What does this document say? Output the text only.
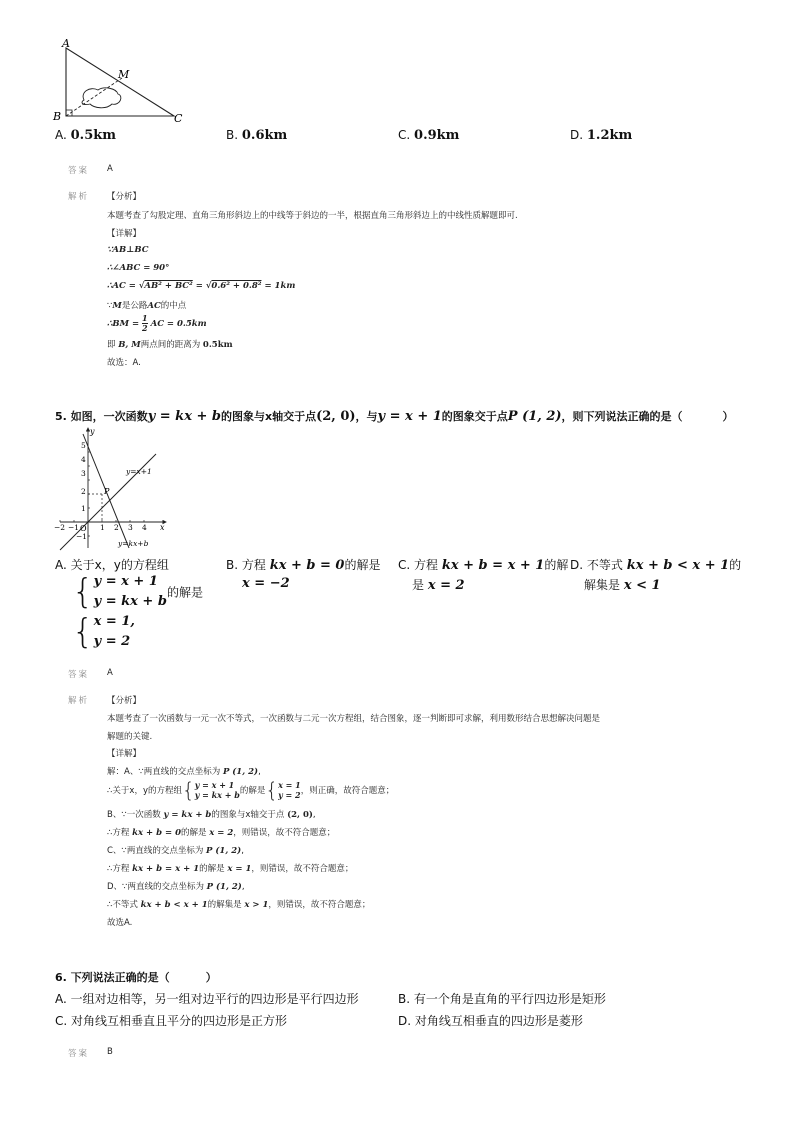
A
B	C
M
A. 0.5km	B. 0.6km	C. 0.9km	D. 1.2km
答案 A
解析 【分析】
本题考查了勾股定理、直角三角形斜边上的中线等于斜边的一半，根据直角三角形斜边上的中线性质解题即可.
【详解】
∵AB⊥BC
∴∠ABC = 90°
∴AC = √AB² + BC² = √0.6² + 0.8² = 1km
∵M是公路AC的中点
∴BM = $\frac{1}{2}$ AC = 0.5km
即 B, M两点间的距离为 0.5km
故选：A.
5. 如图，一次函数y = kx + b的图象与x轴交于点(2, 0)，与y = x + 1的图象交于点P (1, 2)，则下列说法正确的是（	）
y
x
O
P
y=x+1
y=kx+b
−2 −1	1 2 3 4
5
4
3
2
1
−1
A. 关于x，y的方程组
{ y = x + 1
y = kx + b
的解是
{ x = 1,
y = 2
B. 方程 kx + b = 0的解是
x = −2
C. 方程 kx + b = x + 1的解
是 x = 2
D. 不等式 kx + b < x + 1的
解集是 x < 1
答案 A
解析 【分析】
本题考查了一次函数与一元一次不等式，一次函数与二元一次方程组，结合图象，逐一判断即可求解，利用数形结合思想解决问题是
解题的关键.
【详解】
解：A、∵两直线的交点坐标为 P (1, 2),
∴关于x，y的方程组{ y = x + 1
y = kx + b 的解是{ x = 1
y = 2 ，则正确，故符合题意；
B、∵一次函数 y = kx + b的图象与x轴交于点 (2, 0),
∴方程 kx + b = 0的解是 x = 2，则错误，故不符合题意；
C、∵两直线的交点坐标为 P (1, 2),
∴方程 kx + b = x + 1的解是 x = 1，则错误，故不符合题意；
D、∵两直线的交点坐标为 P (1, 2),
∴不等式 kx + b < x + 1的解集是 x > 1，则错误，故不符合题意；
故选A.
6. 下列说法正确的是（	）
A. 一组对边相等，另一组对边平行的四边形是平行四边形	B. 有一个角是直角的平行四边形是矩形
C. 对角线互相垂直且平分的四边形是正方形	D. 对角线互相垂直的四边形是菱形
答案 B
